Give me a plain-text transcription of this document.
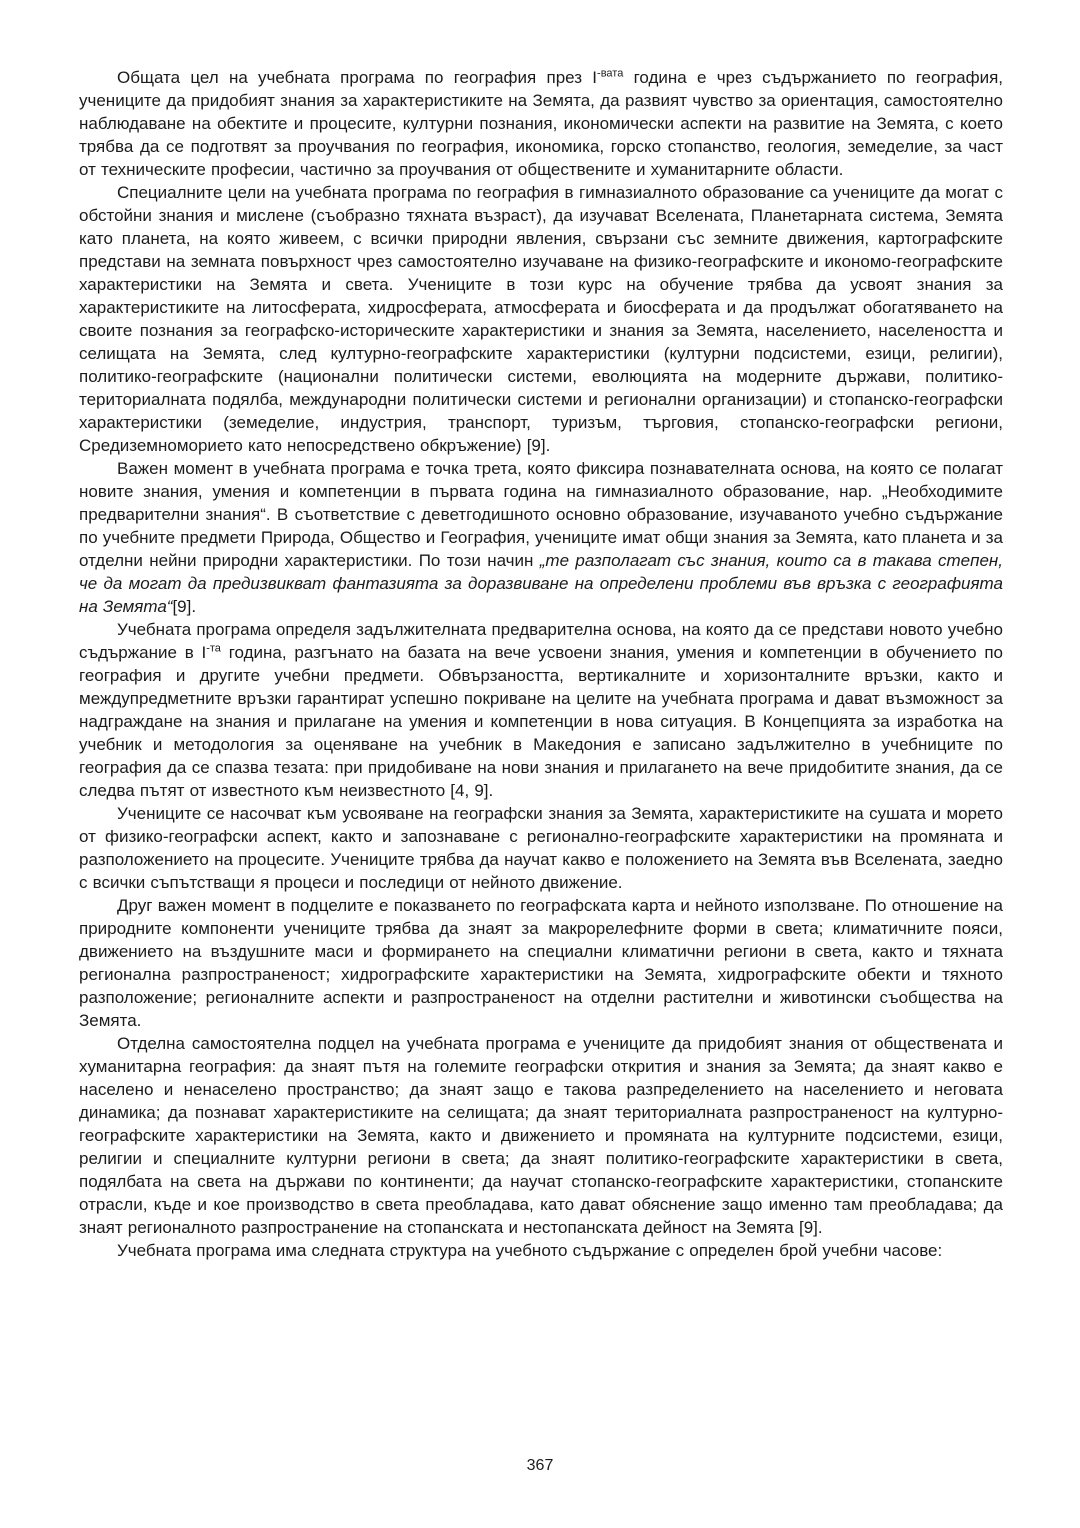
Общата цел на учебната програма по география през $I^{-вата}$ година е чрез съдържанието по география, учениците да придобият знания за характеристиките на Земята, да развият чувство за ориентация, самостоятелно наблюдаване на обектите и процесите, културни познания, икономически аспекти на развитие на Земята, с което трябва да се подготвят за проучвания по география, икономика, горско стопанство, геология, земеделие, за част от техническите професии, частично за проучвания от обществените и хуманитарните области.

Специалните цели на учебната програма по география в гимназиалното образование са учениците да могат с обстойни знания и мислене (съобразно тяхната възраст), да изучават Вселената, Планетарната система, Земята като планета, на която живеем, с всички природни явления, свързани със земните движения, картографските представи на земната повърхност чрез самостоятелно изучаване на физико-географските и икономо-географските характеристики на Земята и света. Учениците в този курс на обучение трябва да усвоят знания за характеристиките на литосферата, хидросферата, атмосферата и биосферата и да продължат обогатяването на своите познания за географско-историческите характеристики и знания за Земята, населението, населеността и селищата на Земята, след културно-географските характеристики (културни подсистеми, езици, религии), политико-географските (национални политически системи, еволюцията на модерните държави, политико-териториалната подялба, международни политически системи и регионални организации) и стопанско-географски характеристики (земеделие, индустрия, транспорт, туризъм, търговия, стопанско-географски региони, Средиземноморието като непосредствено обкръжение) [9].

Важен момент в учебната програма е точка трета, която фиксира познавателната основа, на която се полагат новите знания, умения и компетенции в първата година на гимназиалното образование, нар. „Необходимите предварителни знания“. В съответствие с деветгодишното основно образование, изучаваното учебно съдържание по учебните предмети Природа, Общество и География, учениците имат общи знания за Земята, като планета и за отделни нейни природни характеристики. По този начин „те разполагат със знания, които са в такава степен, че да могат да предизвикват фантазията за доразвиване на определени проблеми във връзка с географията на Земята“[9].

Учебната програма определя задължителната предварителна основа, на която да се представи новото учебно съдържание в $I^{-та}$ година, разгънато на базата на вече усвоени знания, умения и компетенции в обучението по география и другите учебни предмети. Обвързаността, вертикалните и хоризонталните връзки, както и междупредметните връзки гарантират успешно покриване на целите на учебната програма и дават възможност за надграждане на знания и прилагане на умения и компетенции в нова ситуация. В Концепцията за изработка на учебник и методология за оценяване на учебник в Македония е записано задължително в учебниците по география да се спазва тезата: при придобиване на нови знания и прилагането на вече придобитите знания, да се следва пътят от известното към неизвестното [4, 9].

Учениците се насочват към усвояване на географски знания за Земята, характеристиките на сушата и морето от физико-географски аспект, както и запознаване с регионално-географските характеристики на промяната и разположението на процесите. Учениците трябва да научат какво е положението на Земята във Вселената, заедно с всички съпътстващи я процеси и последици от нейното движение.

Друг важен момент в подцелите е показването по географската карта и нейното използване. По отношение на природните компоненти учениците трябва да знаят за макрорелефните форми в света; климатичните пояси, движението на въздушните маси и формирането на специални климатични региони в света, както и тяхната регионална разпространеност; хидрографските характеристики на Земята, хидрографските обекти и тяхното разположение; регионалните аспекти и разпространеност на отделни растителни и животински съобщества на Земята.

Отделна самостоятелна подцел на учебната програма е учениците да придобият знания от обществената и хуманитарна география: да знаят пътя на големите географски открития и знания за Земята; да знаят какво е населено и ненаселено пространство; да знаят защо е такова разпределението на населението и неговата динамика; да познават характеристиките на селищата; да знаят териториалната разпространеност на културно-географските характеристики на Земята, както и движението и промяната на културните подсистеми, езици, религии и специалните културни региони в света; да знаят политико-географските характеристики в света, подялбата на света на държави по континенти; да научат стопанско-географските характеристики, стопанските отрасли, къде и кое производство в света преобладава, като дават обяснение защо именно там преобладава; да знаят регионалното разпространение на стопанската и нестопанската дейност на Земята [9].

Учебната програма има следната структура на учебното съдържание с определен брой учебни часове:

367
